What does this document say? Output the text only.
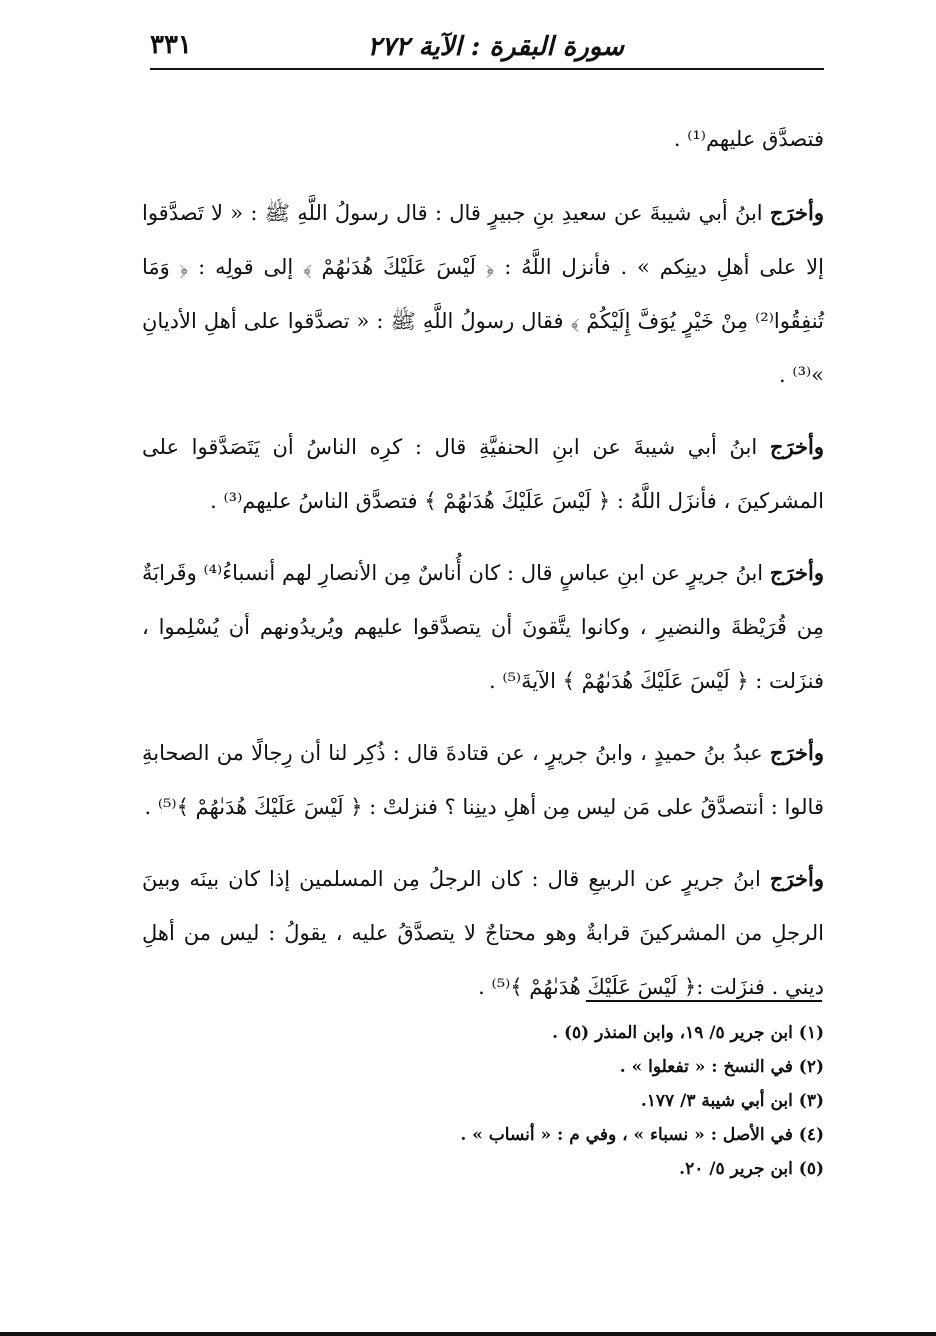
سورة البقرة : الآية ٢٧٢
٣٣١

فتصدَّق عليهم⁽¹⁾ .

وأخرَج ابنُ أبي شيبةَ عن سعيدِ بنِ جبيرٍ قال : قال رسولُ اللَّهِ ﷺ : « لا تَصدَّقوا إلا على أهلِ دينِكم » . فأنزل اللَّهُ : ﴿ لَيْسَ عَلَيْكَ هُدَىٰهُمْ ﴾ إلى قولِه : ﴿ وَمَا تُنفِقُوا⁽²⁾ مِنْ خَيْرٍ يُوَفَّ إِلَيْكُمْ ﴾ فقال رسولُ اللَّهِ ﷺ : « تصدَّقوا على أهلِ الأديانِ »⁽³⁾ .

وأخرَج ابنُ أبي شيبةَ عن ابنِ الحنفيَّةِ قال : كرِه الناسُ أن يَتَصَدَّقوا على المشركينَ ، فأنزَل اللَّهُ : ﴿ لَيْسَ عَلَيْكَ هُدَىٰهُمْ ﴾ فتصدَّق الناسُ عليهم⁽³⁾ .

وأخرَج ابنُ جريرٍ عن ابنِ عباسٍ قال : كان أُناسٌ مِن الأنصارِ لهم أنسباءُ⁽⁴⁾ وقَرابَةٌ مِن قُرَيْظةَ والنضيرِ ، وكانوا يتَّقونَ أن يتصدَّقوا عليهم ويُريدُونهم أن يُسْلِموا ، فنزَلت : ﴿ لَيْسَ عَلَيْكَ هُدَىٰهُمْ ﴾ الآيةَ⁽⁵⁾ .

وأخرَج عبدُ بنُ حميدٍ ، وابنُ جريرٍ ، عن قتادةَ قال : ذُكِر لنا أن رِجالًا من الصحابةِ قالوا : أنتصدَّقُ على مَن ليس مِن أهلِ دينِنا ؟ فنزلتْ : ﴿ لَيْسَ عَلَيْكَ هُدَىٰهُمْ ﴾⁽⁵⁾ .

وأخرَج ابنُ جريرٍ عن الربيعِ قال : كان الرجلُ مِن المسلمين إذا كان بينَه وبينَ الرجلِ من المشركينَ قرابةٌ وهو محتاجٌ لا يتصدَّقُ عليه ، يقولُ : ليس من أهلِ ديني . فنزَلت :﴿ لَيْسَ عَلَيْكَ هُدَىٰهُمْ ﴾⁽⁵⁾ .

(١) ابن جرير ٥/ ١٩، وابن المنذر (٥) .
(٢) في النسخ : « تفعلوا » .
(٣) ابن أبي شيبة ٣/ ١٧٧.
(٤) في الأصل : « نسباء » ، وفي م : « أنساب » .
(٥) ابن جرير ٥/ ٢٠.
